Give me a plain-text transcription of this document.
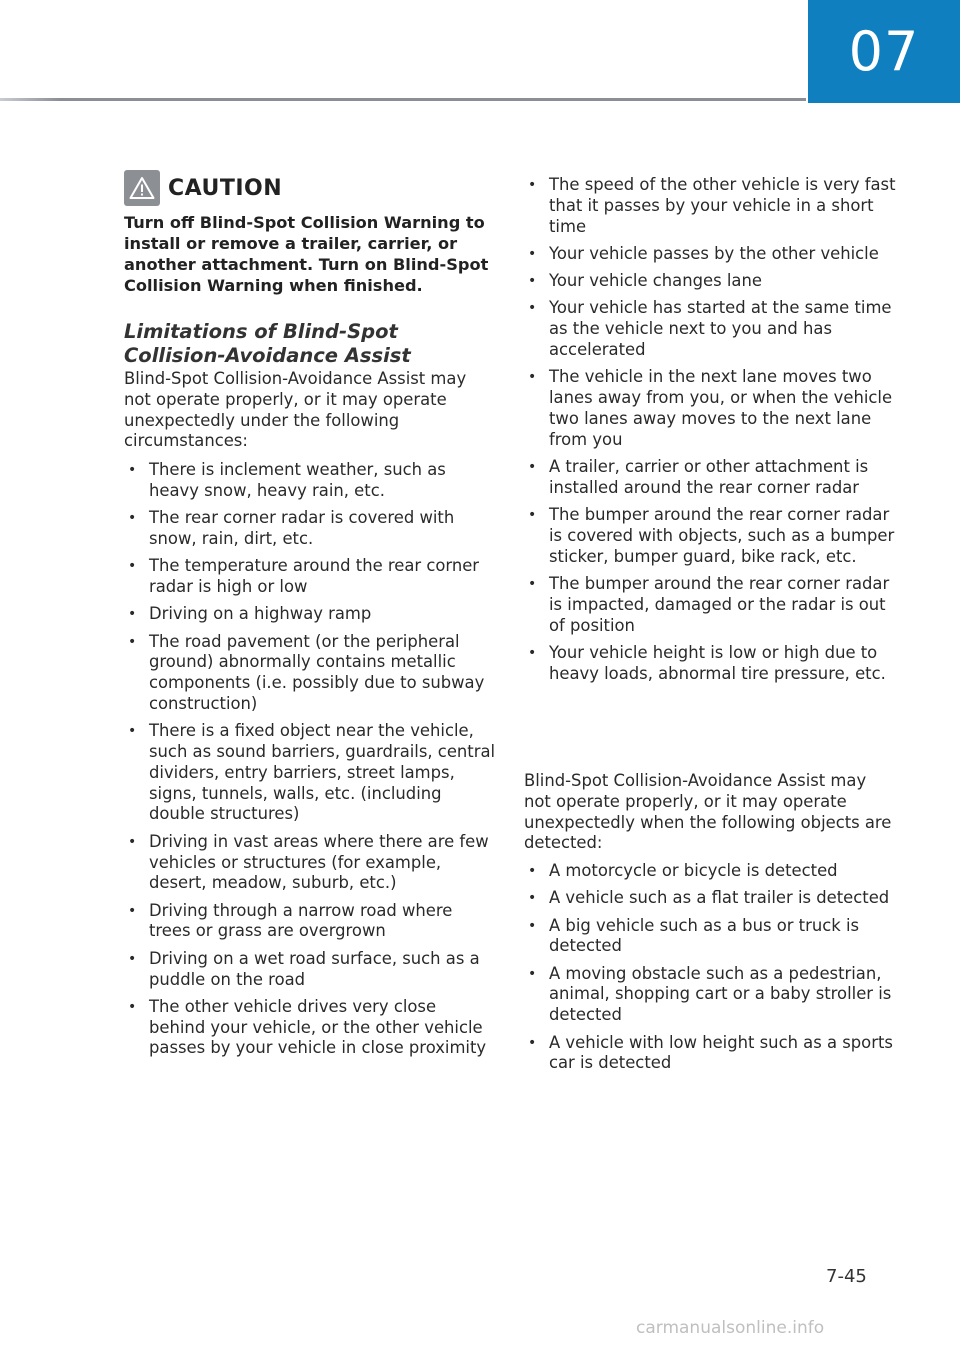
07
CAUTION
Turn off Blind-Spot Collision Warning to install or remove a trailer, carrier, or another attachment. Turn on Blind-Spot Collision Warning when finished.
Limitations of Blind-Spot Collision-Avoidance Assist
Blind-Spot Collision-Avoidance Assist may not operate properly, or it may operate unexpectedly under the following circumstances:
• There is inclement weather, such as heavy snow, heavy rain, etc.
• The rear corner radar is covered with snow, rain, dirt, etc.
• The temperature around the rear corner radar is high or low
• Driving on a highway ramp
• The road pavement (or the peripheral ground) abnormally contains metallic components (i.e. possibly due to subway construction)
• There is a fixed object near the vehicle, such as sound barriers, guardrails, central dividers, entry barriers, street lamps, signs, tunnels, walls, etc. (including double structures)
• Driving in vast areas where there are few vehicles or structures (for example, desert, meadow, suburb, etc.)
• Driving through a narrow road where trees or grass are overgrown
• Driving on a wet road surface, such as a puddle on the road
• The other vehicle drives very close behind your vehicle, or the other vehicle passes by your vehicle in close proximity
• The speed of the other vehicle is very fast that it passes by your vehicle in a short time
• Your vehicle passes by the other vehicle
• Your vehicle changes lane
• Your vehicle has started at the same time as the vehicle next to you and has accelerated
• The vehicle in the next lane moves two lanes away from you, or when the vehicle two lanes away moves to the next lane from you
• A trailer, carrier or other attachment is installed around the rear corner radar
• The bumper around the rear corner radar is covered with objects, such as a bumper sticker, bumper guard, bike rack, etc.
• The bumper around the rear corner radar is impacted, damaged or the radar is out of position
• Your vehicle height is low or high due to heavy loads, abnormal tire pressure, etc.
Blind-Spot Collision-Avoidance Assist may not operate properly, or it may operate unexpectedly when the following objects are detected:
• A motorcycle or bicycle is detected
• A vehicle such as a flat trailer is detected
• A big vehicle such as a bus or truck is detected
• A moving obstacle such as a pedestrian, animal, shopping cart or a baby stroller is detected
• A vehicle with low height such as a sports car is detected
7-45
carmanualsonline.info
